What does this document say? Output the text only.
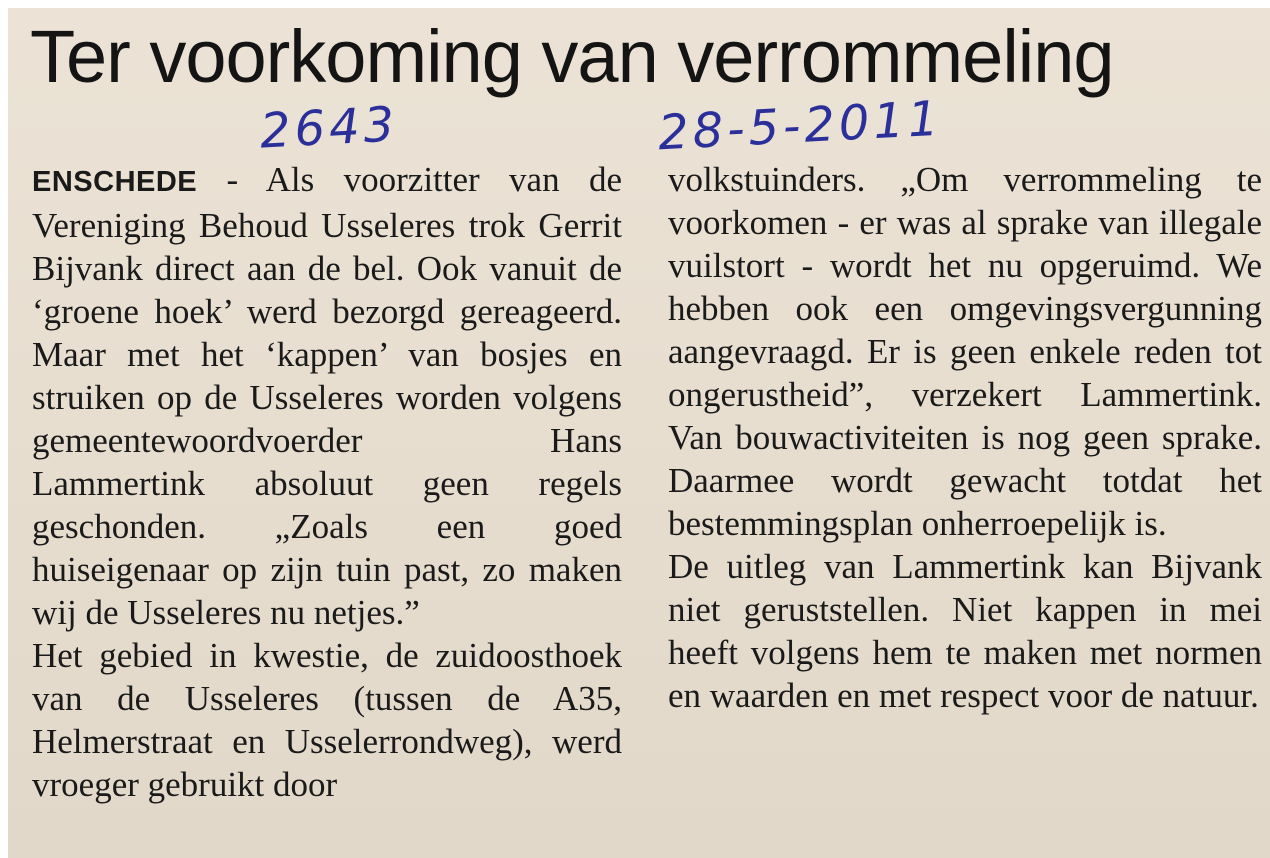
Ter voorkoming van verrommeling
2643	28-5-2011

ENSCHEDE - Als voorzitter van de Vereniging Behoud Usseleres trok Gerrit Bijvank direct aan de bel. Ook vanuit de ‘groene hoek’ werd bezorgd gereageerd. Maar met het ‘kappen’ van bosjes en struiken op de Usseleres worden volgens gemeentewoordvoerder Hans Lammertink absoluut geen regels geschonden. „Zoals een goed huiseigenaar op zijn tuin past, zo maken wij de Usseleres nu netjes.”

Het gebied in kwestie, de zuidoosthoek van de Usseleres (tussen de A35, Helmerstraat en Usselerrondweg), werd vroeger gebruikt door

volkstuinders. „Om verrommeling te voorkomen - er was al sprake van illegale vuilstort - wordt het nu opgeruimd. We hebben ook een omgevingsvergunning aangevraagd. Er is geen enkele reden tot ongerustheid”, verzekert Lammertink. Van bouwactiviteiten is nog geen sprake. Daarmee wordt gewacht totdat het bestemmingsplan onherroepelijk is.

De uitleg van Lammertink kan Bijvank niet geruststellen. Niet kappen in mei heeft volgens hem te maken met normen en waarden en met respect voor de natuur.
